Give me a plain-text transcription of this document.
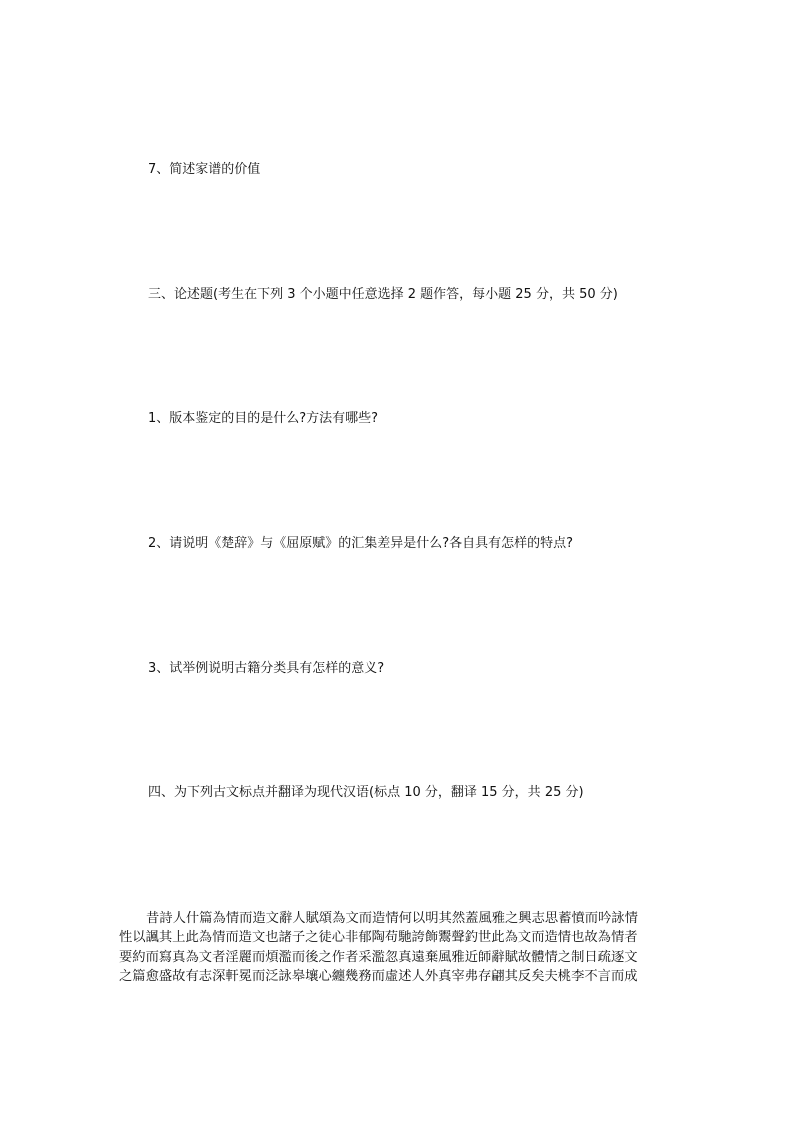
7、简述家谱的价值
三、论述题(考生在下列 3 个小题中任意选择 2 题作答，每小题 25 分，共 50 分)
1、版本鉴定的目的是什么?方法有哪些?
2、请说明《楚辞》与《屈原赋》的汇集差异是什么?各自具有怎样的特点?
3、试举例说明古籍分类具有怎样的意义?
四、为下列古文标点并翻译为现代汉语(标点 10 分，翻译 15 分，共 25 分)
昔詩人什篇為情而造文辭人賦頌為文而造情何以明其然蓋風雅之興志思蓄憤而吟詠情
性以諷其上此為情而造文也諸子之徒心非郁陶苟馳誇飾鬻聲釣世此為文而造情也故為情者
要約而寫真為文者淫麗而煩濫而後之作者采濫忽真遠棄風雅近師辭賦故體情之制日疏逐文
之篇愈盛故有志深軒冕而泛詠皋壤心纏幾務而虛述人外真宰弗存翩其反矣夫桃李不言而成
